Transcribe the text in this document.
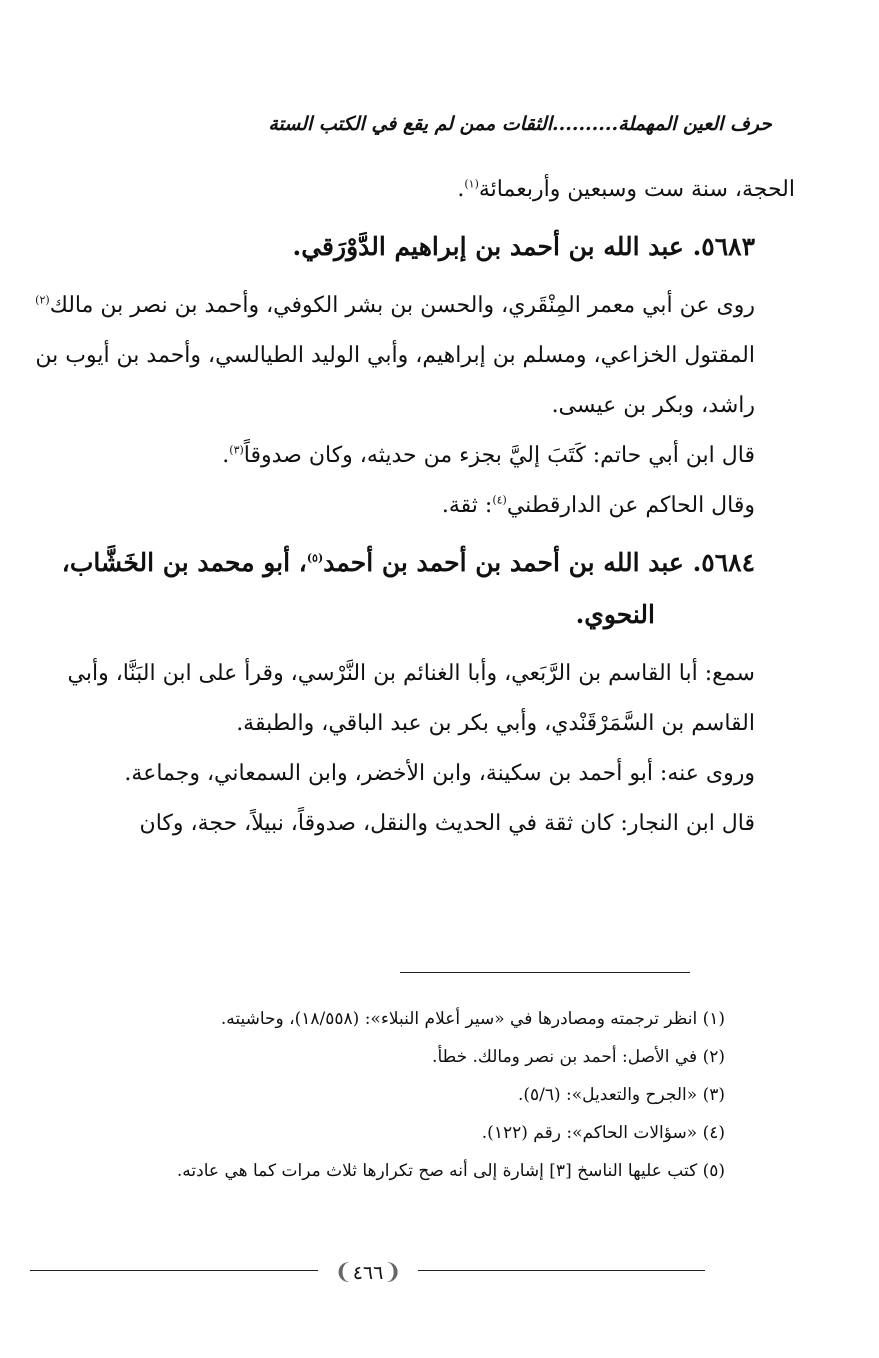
حرف العين المهملة..........الثقات ممن لم يقع في الكتب الستة

الحجة، سنة ست وسبعين وأربعمائة$^{(١)}$.

٥٦٨٣. عبد الله بن أحمد بن إبراهيم الدَّوْرَقي.

روى عن أبي معمر المِنْقَري، والحسن بن بشر الكوفي، وأحمد بن نصر بن مالك$^{(٢)}$ المقتول الخزاعي، ومسلم بن إبراهيم، وأبي الوليد الطيالسي، وأحمد بن أيوب بن راشد، وبكر بن عيسى.

قال ابن أبي حاتم: كَتَبَ إليَّ بجزء من حديثه، وكان صدوقاً$^{(٣)}$.

وقال الحاكم عن الدارقطني$^{(٤)}$: ثقة.

٥٦٨٤. عبد الله بن أحمد بن أحمد بن أحمد$^{(٥)}$، أبو محمد بن الخَشَّاب،
النحوي.

سمع: أبا القاسم بن الرَّبَعي، وأبا الغنائم بن النَّرْسي، وقرأ على ابن البَنَّا، وأبي القاسم بن السَّمَرْقَنْدي، وأبي بكر بن عبد الباقي، والطبقة.

وروى عنه: أبو أحمد بن سكينة، وابن الأخضر، وابن السمعاني، وجماعة.

قال ابن النجار: كان ثقة في الحديث والنقل، صدوقاً، نبيلاً، حجة، وكان

(١) انظر ترجمته ومصادرها في «سير أعلام النبلاء»: (١٨/٥٥٨)، وحاشيته.

(٢) في الأصل: أحمد بن نصر ومالك. خطأ.

(٣) «الجرح والتعديل»: (٥/٦).

(٤) «سؤالات الحاكم»: رقم (١٢٢).

(٥) كتب عليها الناسخ [٣] إشارة إلى أنه صح تكرارها ثلاث مرات كما هي عادته.

❨٤٦٦❩
